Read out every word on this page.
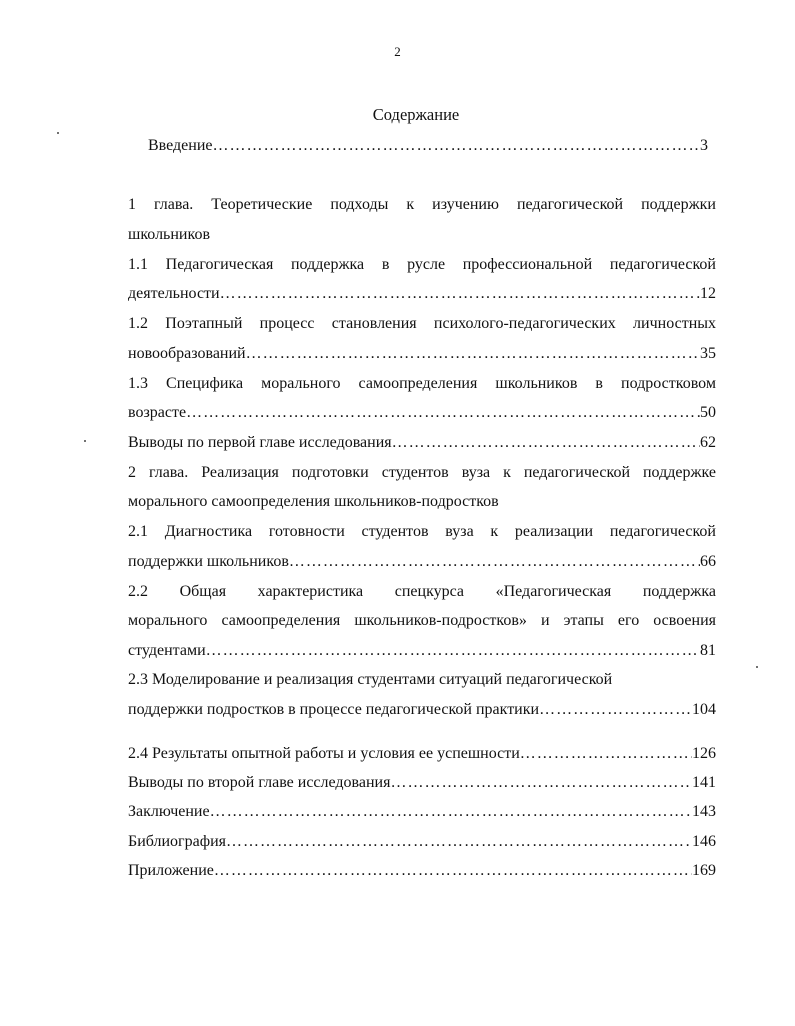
2
Содержание
Введение ……………………………………………………………………………………………………………………………………………………………………	3
1 глава. Теоретические подходы к изучению педагогической поддержки
школьников
1.1 Педагогическая поддержка в русле профессиональной педагогической
деятельности ……………………………………………………………………………………………………………………………………………………………………	12
1.2 Поэтапный процесс становления психолого-педагогических личностных
новообразований ……………………………………………………………………………………………………………………………………………………………………	35
1.3 Специфика морального самоопределения школьников в подростковом
возрасте ……………………………………………………………………………………………………………………………………………………………………	50
Выводы по первой главе исследования ……………………………………………………………………………………………………………………………………………………………………	62
2 глава. Реализация подготовки студентов вуза к педагогической поддержке
морального самоопределения школьников-подростков
2.1 Диагностика готовности студентов вуза к реализации педагогической
поддержки школьников ……………………………………………………………………………………………………………………………………………………………………	66
2.2 Общая характеристика спецкурса «Педагогическая поддержка
морального самоопределения школьников-подростков» и этапы его освоения
студентами ……………………………………………………………………………………………………………………………………………………………………	81
2.3 Моделирование и реализация студентами ситуаций педагогической
поддержки подростков в процессе педагогической практики ……………………………………………………………………………………………………………………………………………………………………	104
2.4 Результаты опытной работы и условия ее успешности ……………………………………………………………………………………………………………………………………………………………………	126
Выводы по второй главе исследования ……………………………………………………………………………………………………………………………………………………………………	141
Заключение ……………………………………………………………………………………………………………………………………………………………………	143
Библиография ……………………………………………………………………………………………………………………………………………………………………	146
Приложение ……………………………………………………………………………………………………………………………………………………………………	169
